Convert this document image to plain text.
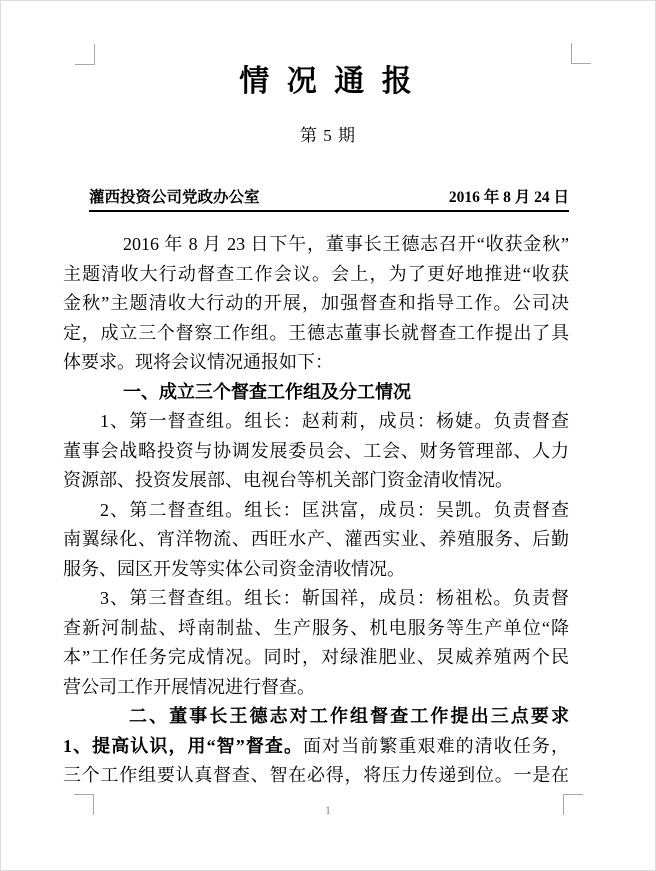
情 况 通 报
第 5 期
灌西投资公司党政办公室	2016 年 8 月 24 日
2016 年 8 月 23 日下午，董事长王德志召开“收获金秋”
主题清收大行动督查工作会议。会上，为了更好地推进“收获
金秋”主题清收大行动的开展，加强督查和指导工作。公司决
定，成立三个督察工作组。王德志董事长就督查工作提出了具
体要求。现将会议情况通报如下：
一、成立三个督查工作组及分工情况
1、第一督查组。组长：赵莉莉，成员：杨婕。负责督查
董事会战略投资与协调发展委员会、工会、财务管理部、人力
资源部、投资发展部、电视台等机关部门资金清收情况。
2、第二督查组。组长：匡洪富，成员：吴凯。负责督查
南翼绿化、宵洋物流、西旺水产、灌西实业、养殖服务、后勤
服务、园区开发等实体公司资金清收情况。
3、第三督查组。组长：靳国祥，成员：杨祖松。负责督
查新河制盐、埒南制盐、生产服务、机电服务等生产单位“降
本”工作任务完成情况。同时，对绿淮肥业、炅威养殖两个民
营公司工作开展情况进行督查。
二、董事长王德志对工作组督查工作提出三点要求
1、提高认识，用“智”督查。面对当前繁重艰难的清收任务，
三个工作组要认真督查、智在必得，将压力传递到位。一是在
1
